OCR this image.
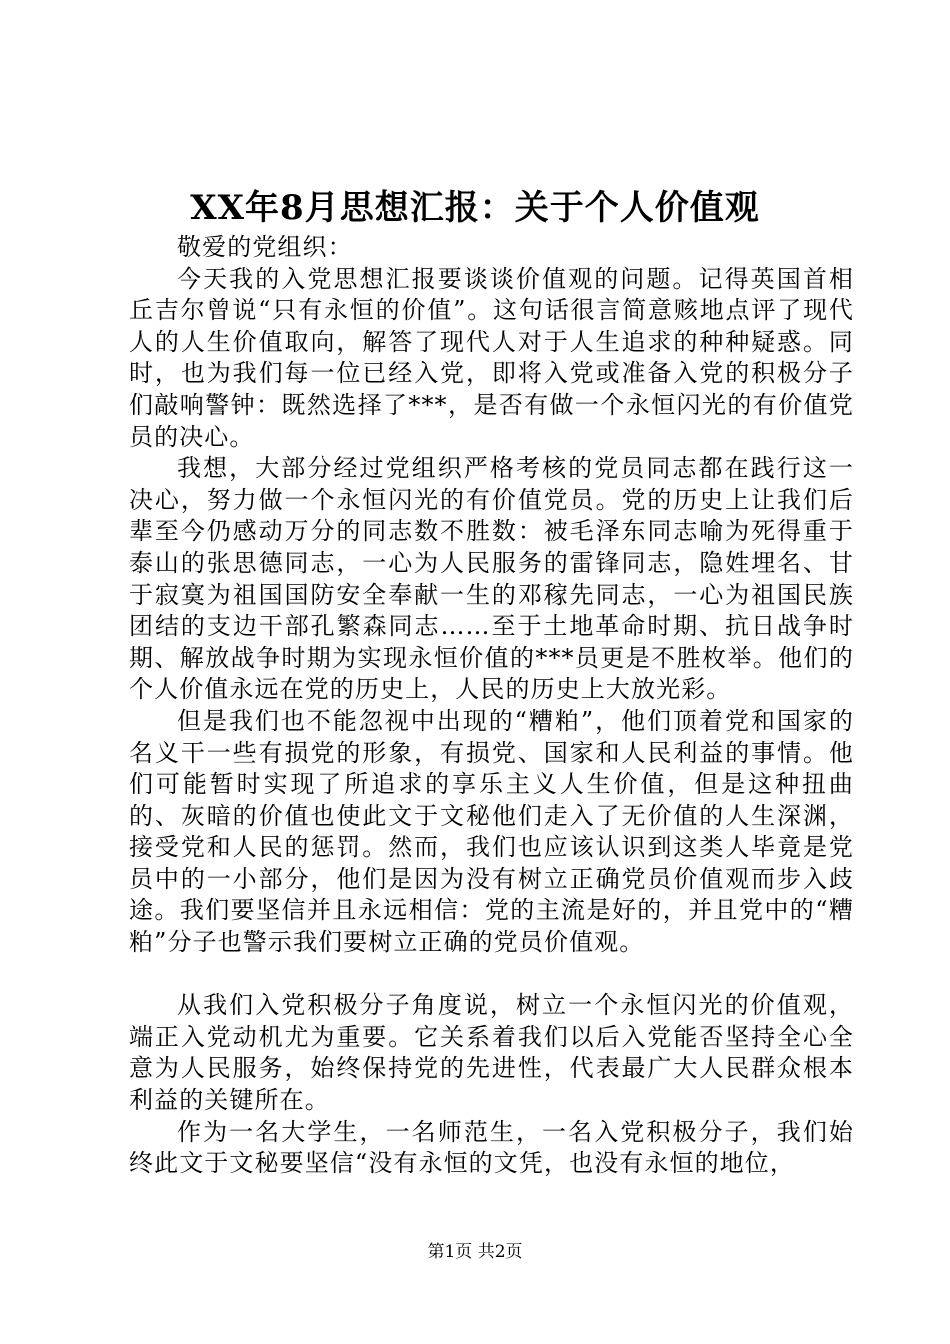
XX年8月思想汇报：关于个人价值观

敬爱的党组织：

今天我的入党思想汇报要谈谈价值观的问题。记得英国首相丘吉尔曾说“只有永恒的价值”。这句话很言简意赅地点评了现代人的人生价值取向，解答了现代人对于人生追求的种种疑惑。同时，也为我们每一位已经入党，即将入党或准备入党的积极分子们敲响警钟：既然选择了***，是否有做一个永恒闪光的有价值党员的决心。

我想，大部分经过党组织严格考核的党员同志都在践行这一决心，努力做一个永恒闪光的有价值党员。党的历史上让我们后辈至今仍感动万分的同志数不胜数：被毛泽东同志喻为死得重于泰山的张思德同志，一心为人民服务的雷锋同志，隐姓埋名、甘于寂寞为祖国国防安全奉献一生的邓稼先同志，一心为祖国民族团结的支边干部孔繁森同志……至于土地革命时期、抗日战争时期、解放战争时期为实现永恒价值的***员更是不胜枚举。他们的个人价值永远在党的历史上，人民的历史上大放光彩。

但是我们也不能忽视中出现的“糟粕”，他们顶着党和国家的名义干一些有损党的形象，有损党、国家和人民利益的事情。他们可能暂时实现了所追求的享乐主义人生价值，但是这种扭曲的、灰暗的价值也使此文于文秘他们走入了无价值的人生深渊，接受党和人民的惩罚。然而，我们也应该认识到这类人毕竟是党员中的一小部分，他们是因为没有树立正确党员价值观而步入歧途。我们要坚信并且永远相信：党的主流是好的，并且党中的“糟粕”分子也警示我们要树立正确的党员价值观。

从我们入党积极分子角度说，树立一个永恒闪光的价值观，端正入党动机尤为重要。它关系着我们以后入党能否坚持全心全意为人民服务，始终保持党的先进性，代表最广大人民群众根本利益的关键所在。

作为一名大学生，一名师范生，一名入党积极分子，我们始终此文于文秘要坚信“没有永恒的文凭，也没有永恒的地位，

第1页 共2页
